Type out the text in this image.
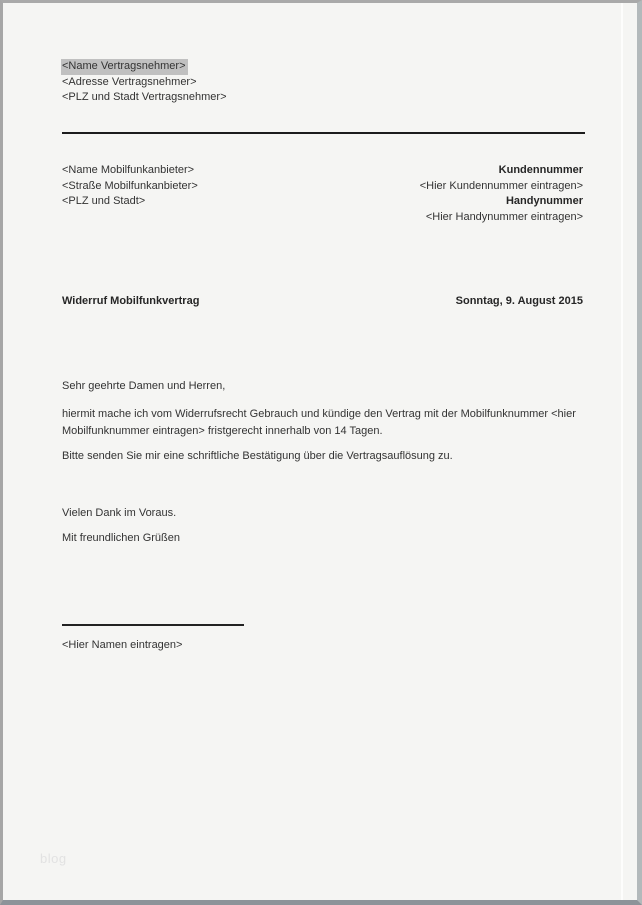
<Name Vertragsnehmer>
<Adresse Vertragsnehmer>
<PLZ und Stadt Vertragsnehmer>
<Name Mobilfunkanbieter>
<Straße Mobilfunkanbieter>
<PLZ und Stadt>
Kundennummer
<Hier Kundennummer eintragen>
Handynummer
<Hier Handynummer eintragen>
Widerruf Mobilfunkvertrag	Sonntag, 9. August 2015
Sehr geehrte Damen und Herren,

hiermit mache ich vom Widerrufsrecht Gebrauch und kündige den Vertrag mit der Mobilfunknummer <hier Mobilfunknummer eintragen> fristgerecht innerhalb von 14 Tagen.

Bitte senden Sie mir eine schriftliche Bestätigung über die Vertragsauflösung zu.

Vielen Dank im Voraus.
Mit freundlichen Grüßen
<Hier Namen eintragen>
blog
